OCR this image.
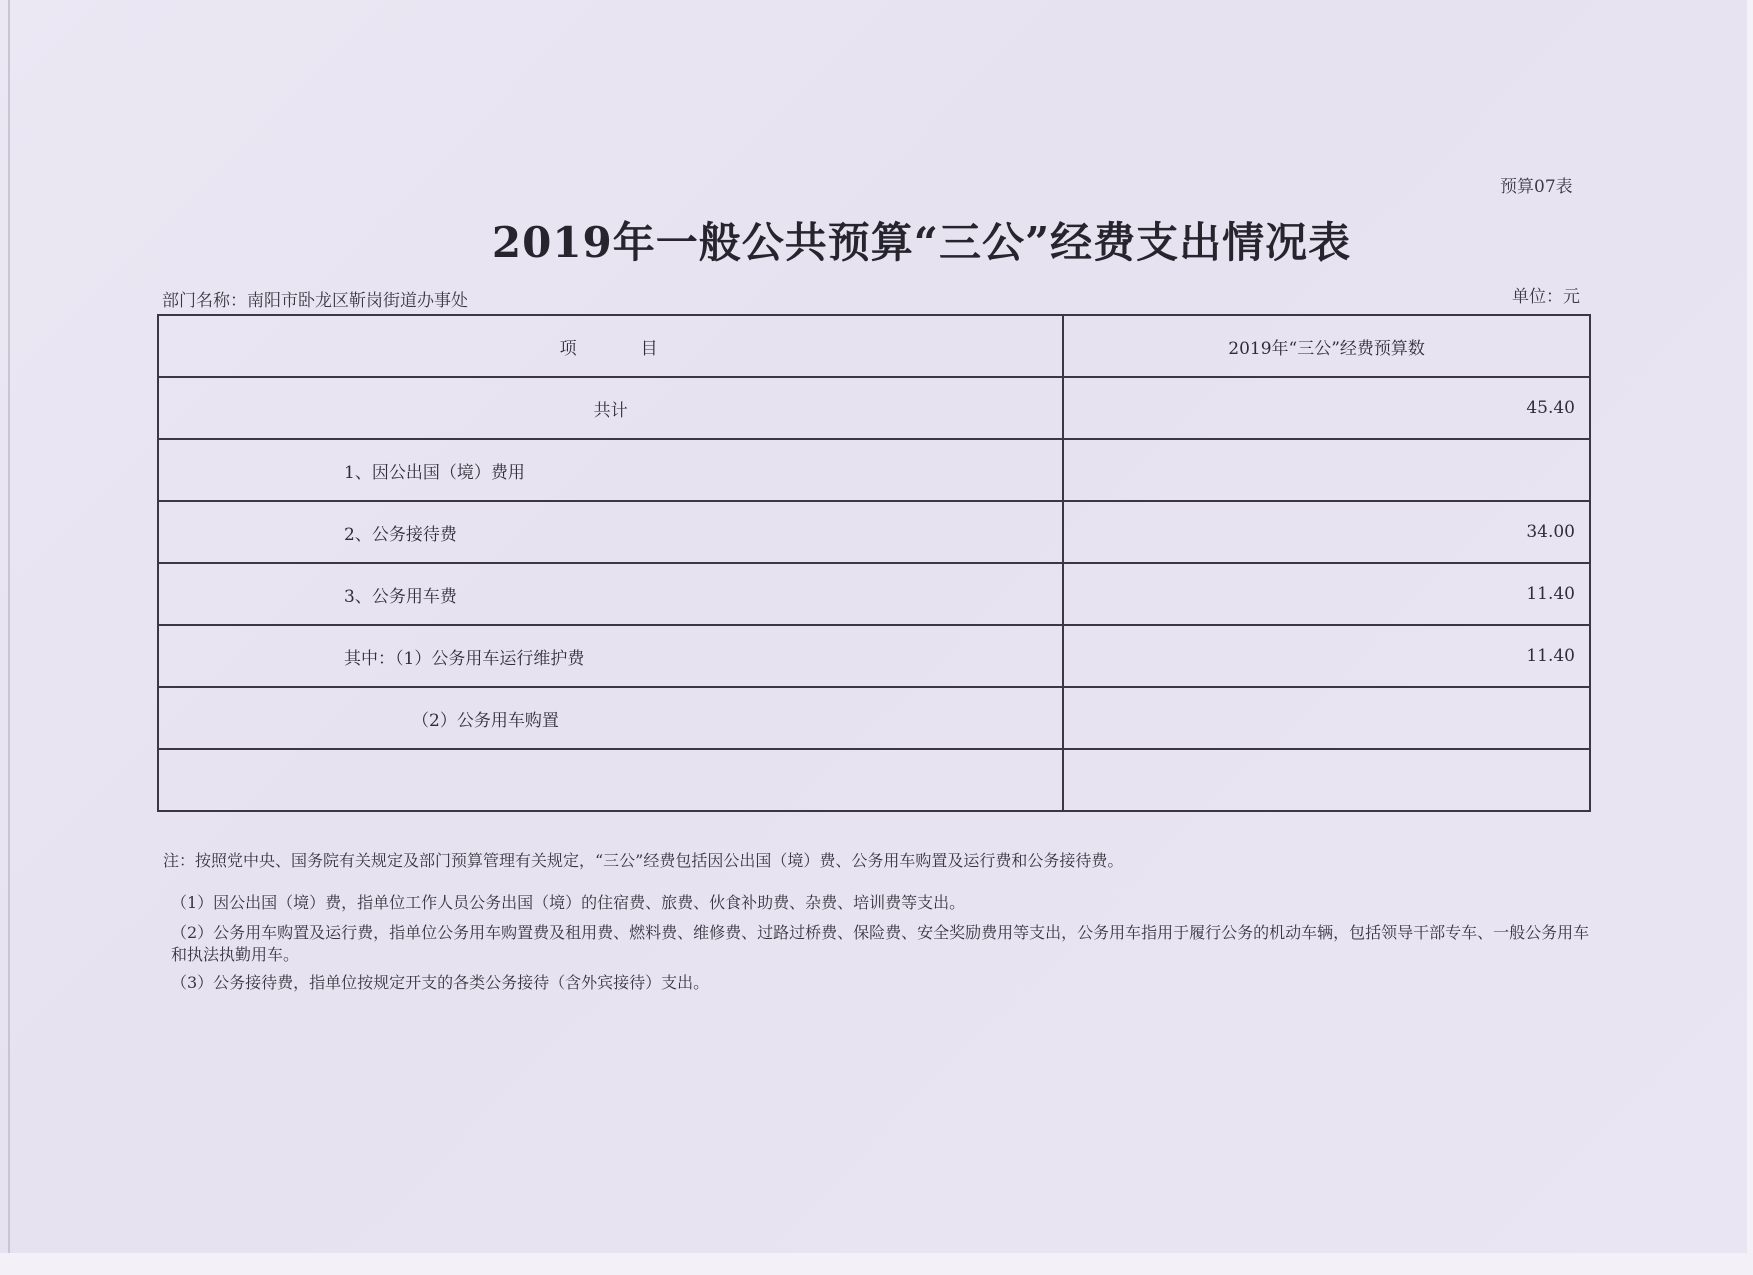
预算07表
2019年一般公共预算“三公”经费支出情况表
部门名称：南阳市卧龙区靳岗街道办事处	单位：元
项 目	2019年“三公”经费预算数
共计	45.40
1、因公出国（境）费用	
2、公务接待费	34.00
3、公务用车费	11.40
其中：（1）公务用车运行维护费	11.40
（2）公务用车购置	

注：按照党中央、国务院有关规定及部门预算管理有关规定，“三公”经费包括因公出国（境）费、公务用车购置及运行费和公务接待费。

（1）因公出国（境）费，指单位工作人员公务出国（境）的住宿费、旅费、伙食补助费、杂费、培训费等支出。

（2）公务用车购置及运行费，指单位公务用车购置费及租用费、燃料费、维修费、过路过桥费、保险费、安全奖励费用等支出，公务用车指用于履行公务的机动车辆，包括领导干部专车、一般公务用车和执法执勤用车。

（3）公务接待费，指单位按规定开支的各类公务接待（含外宾接待）支出。
